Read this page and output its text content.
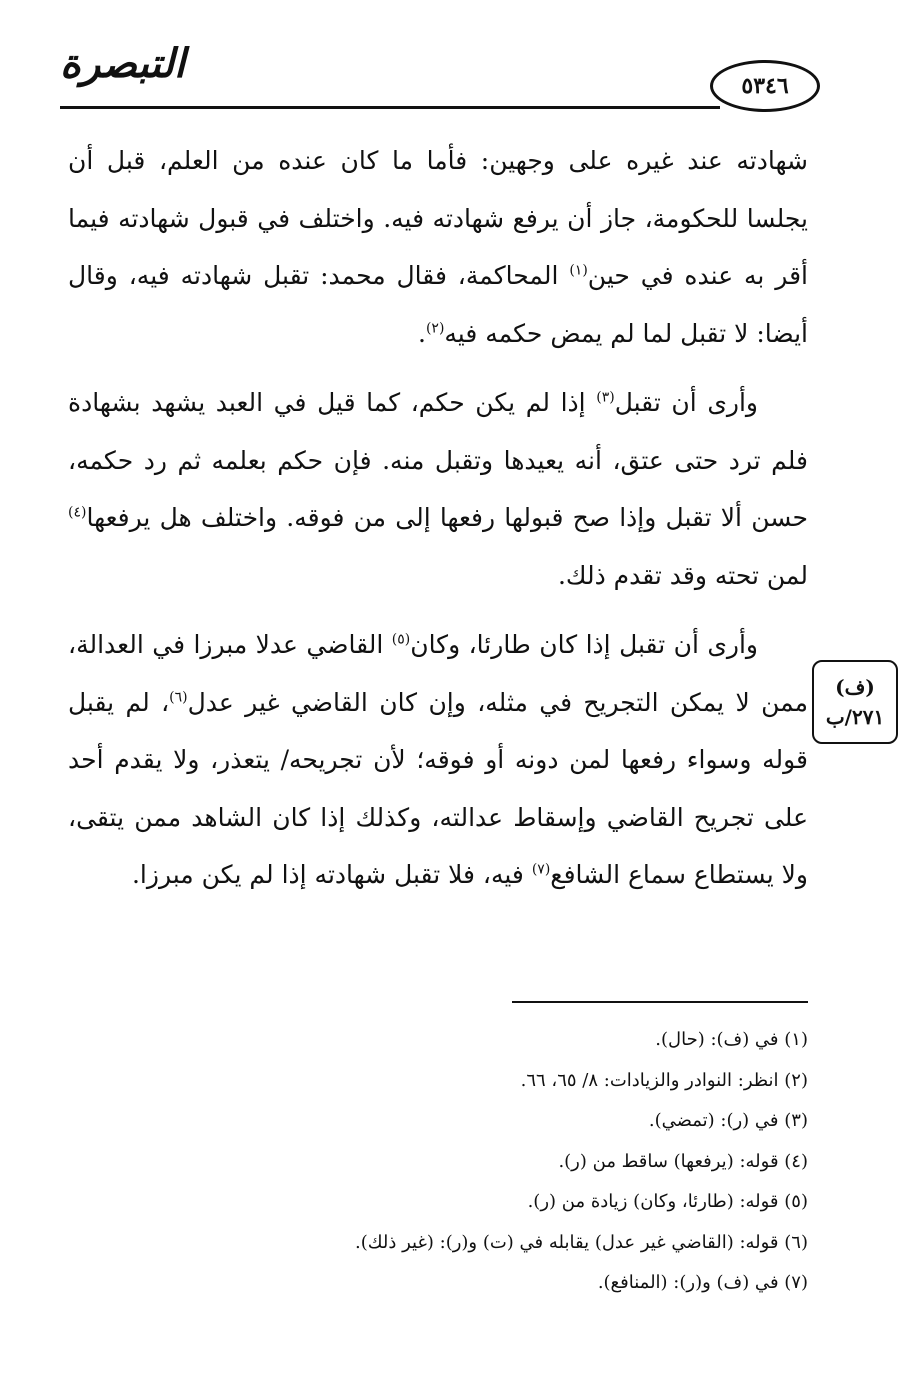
التبصرة	٥٣٤٦

شهادته عند غيره على وجهين: فأما ما كان عنده من العلم، قبل أن يجلسا للحكومة، جاز أن يرفع شهادته فيه. واختلف في قبول شهادته فيما أقر به عنده في حين$^{(١)}$ المحاكمة، فقال محمد: تقبل شهادته فيه، وقال أيضا: لا تقبل لما لم يمض حكمه فيه$^{(٢)}$.

وأرى أن تقبل$^{(٣)}$ إذا لم يكن حكم، كما قيل في العبد يشهد بشهادة فلم ترد حتى عتق، أنه يعيدها وتقبل منه. فإن حكم بعلمه ثم رد حكمه، حسن ألا تقبل وإذا صح قبولها رفعها إلى من فوقه. واختلف هل يرفعها$^{(٤)}$ لمن تحته وقد تقدم ذلك.

وأرى أن تقبل إذا كان طارئا، وكان$^{(٥)}$ القاضي عدلا مبرزا في العدالة، ممن لا يمكن التجريح في مثله، وإن كان القاضي غير عدل$^{(٦)}$، لم يقبل قوله وسواء رفعها لمن دونه أو فوقه؛ لأن تجريحه/ يتعذر، ولا يقدم أحد على تجريح القاضي وإسقاط عدالته، وكذلك إذا كان الشاهد ممن يتقى، ولا يستطاع سماع الشافع$^{(٧)}$ فيه، فلا تقبل شهادته إذا لم يكن مبرزا.

(ف)
٢٧١/ب
(١) في (ف): (حال).
(٢) انظر: النوادر والزيادات: ٨/ ٦٥، ٦٦.
(٣) في (ر): (تمضي).
(٤) قوله: (يرفعها) ساقط من (ر).
(٥) قوله: (طارئا، وكان) زيادة من (ر).
(٦) قوله: (القاضي غير عدل) يقابله في (ت) و(ر): (غير ذلك).
(٧) في (ف) و(ر): (المنافع).
